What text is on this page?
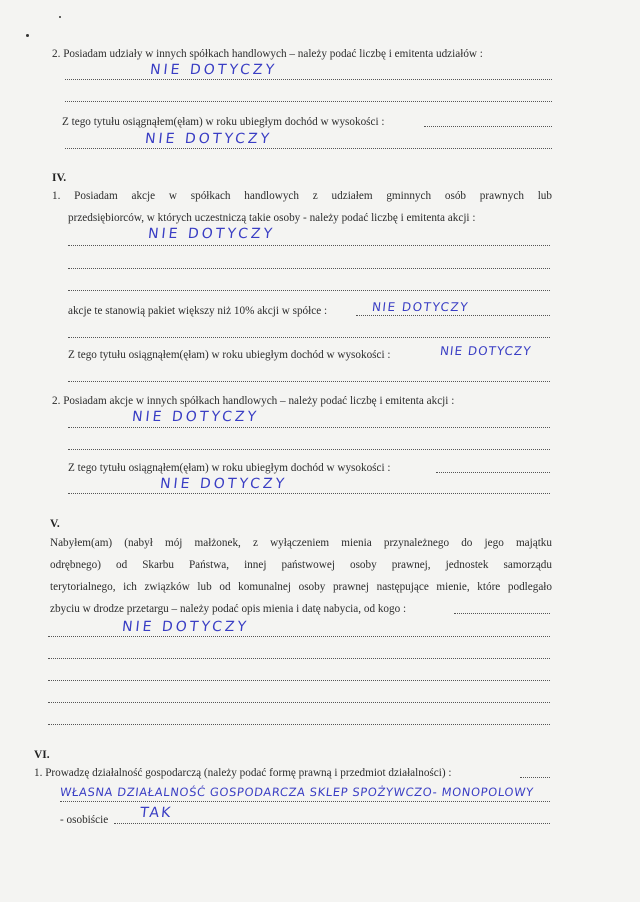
2. Posiadam udziały w innych spółkach handlowych – należy podać liczbę i emitenta udziałów :
NIE DOTYCZY
Z tego tytułu osiągnąłem(ęłam) w roku ubiegłym dochód w wysokości :
NIE DOTYCZY
IV.
1. Posiadam akcje w spółkach handlowych z udziałem gminnych osób prawnych lub
przedsiębiorców, w których uczestniczą takie osoby - należy podać liczbę i emitenta akcji :
NIE DOTYCZY
akcje te stanowią pakiet większy niż 10% akcji w spółce :	NIE DOTYCZY
Z tego tytułu osiągnąłem(ęłam) w roku ubiegłym dochód w wysokości :	NIE DOTYCZY
2. Posiadam akcje w innych spółkach handlowych – należy podać liczbę i emitenta akcji :
NIE DOTYCZY
Z tego tytułu osiągnąłem(ęłam) w roku ubiegłym dochód w wysokości :
NIE DOTYCZY
V.
Nabyłem(am) (nabył mój małżonek, z wyłączeniem mienia przynależnego do jego majątku
odrębnego) od Skarbu Państwa, innej państwowej osoby prawnej, jednostek samorządu
terytorialnego, ich związków lub od komunalnej osoby prawnej następujące mienie, które podlegało
zbyciu w drodze przetargu – należy podać opis mienia i datę nabycia, od kogo :
NIE DOTYCZY
VI.
1. Prowadzę działalność gospodarczą (należy podać formę prawną i przedmiot działalności) :
WŁASNA DZIAŁALNOŚĆ GOSPODARCZA SKLEP SPOŻYWCZO- MONOPOLOWY
- osobiście TAK
